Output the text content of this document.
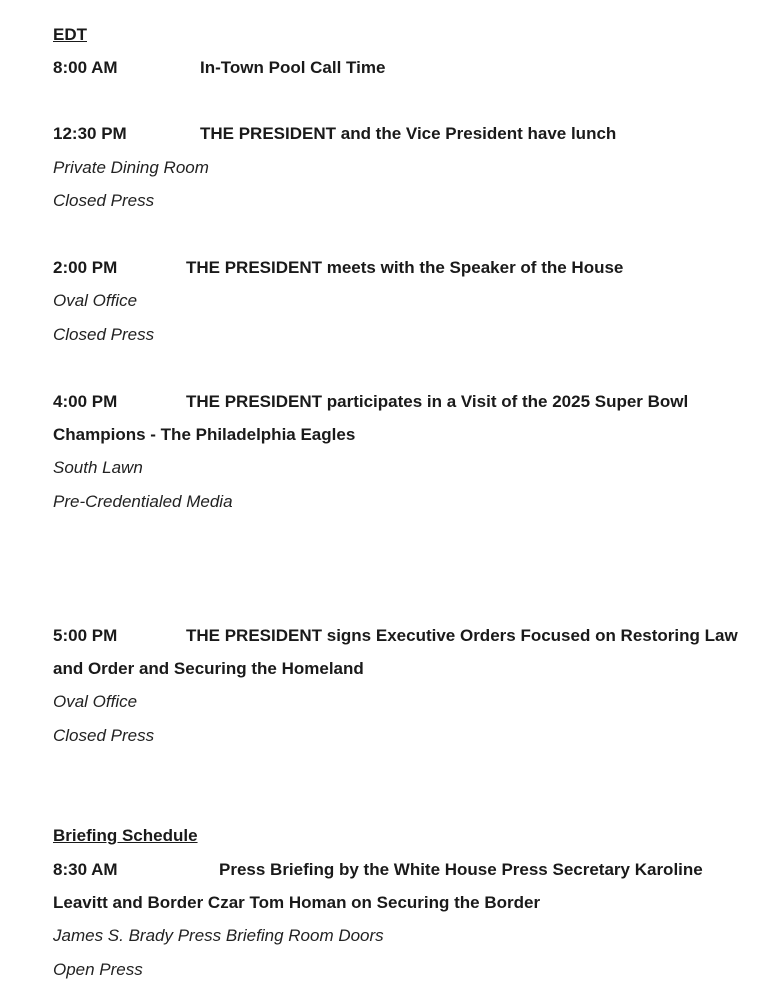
EDT
8:00 AM	In-Town Pool Call Time
12:30 PM	THE PRESIDENT and the Vice President have lunch
Private Dining Room
Closed Press
2:00 PM	THE PRESIDENT meets with the Speaker of the House
Oval Office
Closed Press
4:00 PM	THE PRESIDENT participates in a Visit of the 2025 Super Bowl
Champions - The Philadelphia Eagles
South Lawn
Pre-Credentialed Media
5:00 PM	THE PRESIDENT signs Executive Orders Focused on Restoring Law
and Order and Securing the Homeland
Oval Office
Closed Press
Briefing Schedule
8:30 AM	Press Briefing by the White House Press Secretary Karoline
Leavitt and Border Czar Tom Homan on Securing the Border
James S. Brady Press Briefing Room Doors
Open Press
